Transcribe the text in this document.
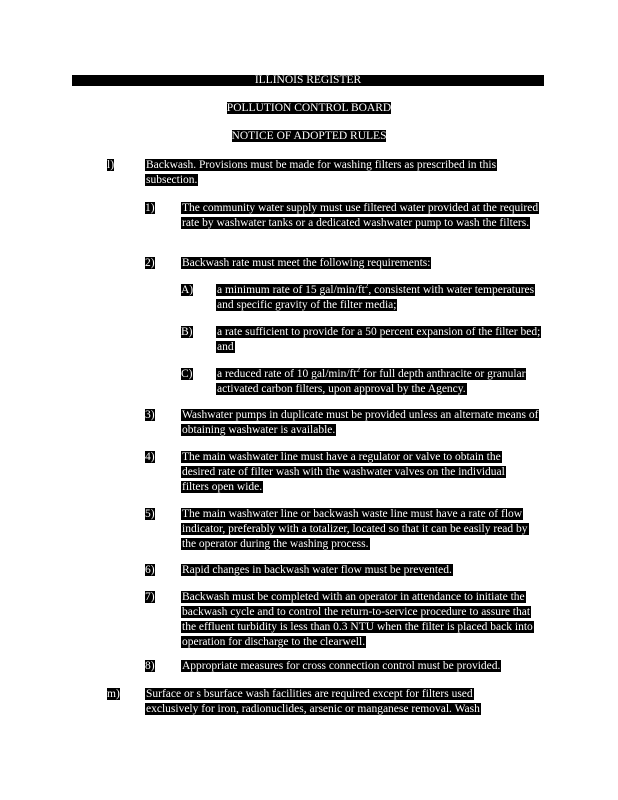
ILLINOIS REGISTER
POLLUTION CONTROL BOARD
NOTICE OF ADOPTED RULES
l)	Backwash. Provisions must be made for washing filters as prescribed in this subsection.
1) The community water supply must use filtered water provided at the required rate by washwater tanks or a dedicated washwater pump to wash the filters.
2) Backwash rate must meet the following requirements:
A) a minimum rate of 15 gal/$\min/ft^2$, consistent with water temperatures and specific gravity of the filter media;
B) a rate sufficient to provide for a 50 percent expansion of the filter bed; and
C) a reduced rate of 10 gal/$\min/ft^2$ for full depth anthracite or granular activated carbon filters, upon approval by the Agency.
3) Washwater pumps in duplicate must be provided unless an alternate means of obtaining washwater is available.
4) The main washwater line must have a regulator or valve to obtain the desired rate of filter wash with the washwater valves on the individual filters open wide.
5) The main washwater line or backwash waste line must have a rate of flow indicator, preferably with a totalizer, located so that it can be easily read by the operator during the washing process.
6) Rapid changes in backwash water flow must be prevented.
7) Backwash must be completed with an operator in attendance to initiate the backwash cycle and to control the return-to-service procedure to assure that the effluent turbidity is less than 0.3 NTU when the filter is placed back into operation for discharge to the clearwell.
8) Appropriate measures for cross connection control must be provided.
m) Surface or s bsurface wash facilities are required except for filters used exclusively for iron, radionuclides, arsenic or manganese removal. Wash
